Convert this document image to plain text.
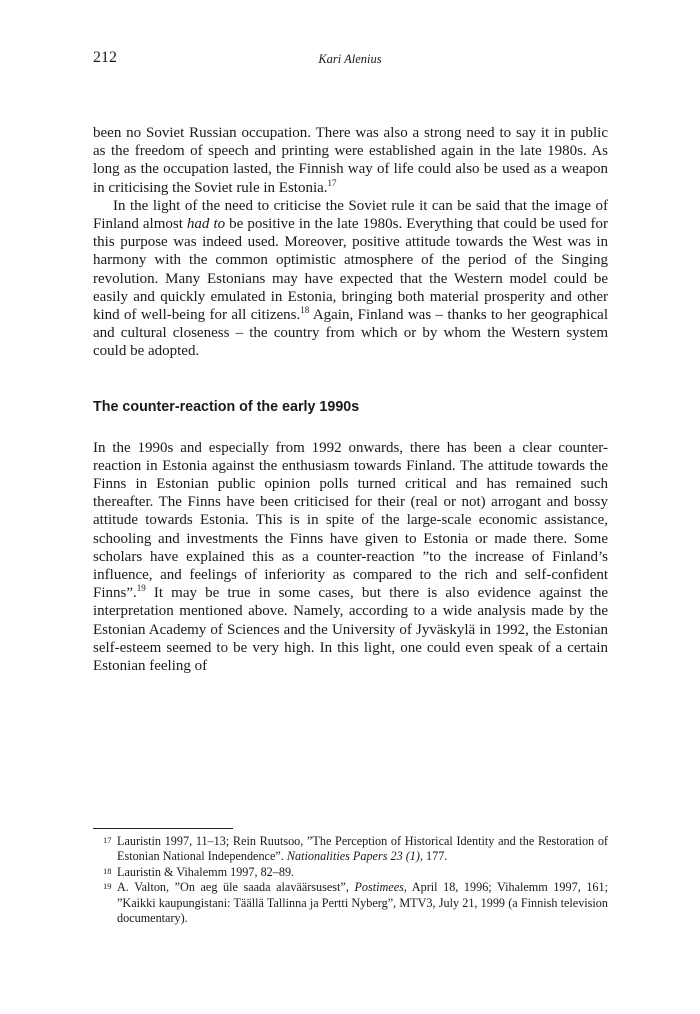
212	Kari Alenius

been no Soviet Russian occupation. There was also a strong need to say it in public as the freedom of speech and printing were established again in the late 1980s. As long as the occupation lasted, the Finnish way of life could also be used as a weapon in criticising the Soviet rule in Estonia.$^{17}$

In the light of the need to criticise the Soviet rule it can be said that the image of Finland almost had to be positive in the late 1980s. Everything that could be used for this purpose was indeed used. Moreover, positive attitude towards the West was in harmony with the common optimistic atmosphere of the period of the Singing revolution. Many Estonians may have expected that the Western model could be easily and quickly emulated in Estonia, bringing both material prosperity and other kind of well-being for all citizens.$^{18}$ Again, Finland was – thanks to her geographical and cultural closeness – the country from which or by whom the Western system could be adopted.

The counter-reaction of the early 1990s

In the 1990s and especially from 1992 onwards, there has been a clear counter-reaction in Estonia against the enthusiasm towards Finland. The attitude towards the Finns in Estonian public opinion polls turned critical and has remained such thereafter. The Finns have been criticised for their (real or not) arrogant and bossy attitude towards Estonia. This is in spite of the large-scale economic assistance, schooling and investments the Finns have given to Estonia or made there. Some scholars have explained this as a counter-reaction ”to the increase of Finland’s influence, and feelings of inferiority as compared to the rich and self-confident Finns”.$^{19}$ It may be true in some cases, but there is also evidence against the interpretation mentioned above. Namely, according to a wide analysis made by the Estonian Academy of Sciences and the University of Jyväskylä in 1992, the Estonian self-esteem seemed to be very high. In this light, one could even speak of a certain Estonian feeling of

17 Lauristin 1997, 11–13; Rein Ruutsoo, ”The Perception of Historical Identity and the Restoration of Estonian National Independence”. Nationalities Papers 23 (1), 177.
18 Lauristin & Vihalemm 1997, 82–89.
19 A. Valton, ”On aeg üle saada alaväärsusest”, Postimees, April 18, 1996; Vihalemm 1997, 161; ”Kaikki kaupungistani: Täällä Tallinna ja Pertti Nyberg”, MTV3, July 21, 1999 (a Finnish television documentary).
